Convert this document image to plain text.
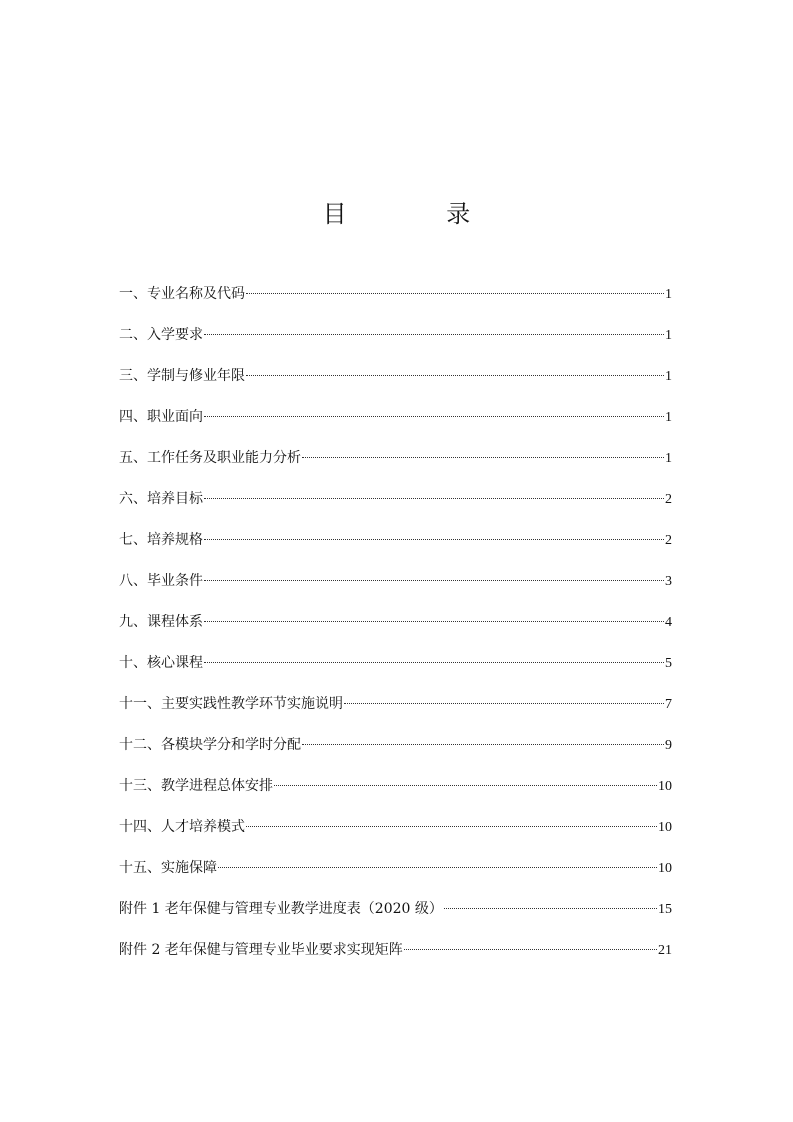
目 录
一、专业名称及代码	1
二、入学要求	1
三、学制与修业年限	1
四、职业面向	1
五、工作任务及职业能力分析	1
六、培养目标	2
七、培养规格	2
八、毕业条件	3
九、课程体系	4
十、核心课程	5
十一、主要实践性教学环节实施说明	7
十二、各模块学分和学时分配	9
十三、教学进程总体安排	10
十四、人才培养模式	10
十五、实施保障	10
附件 1 老年保健与管理专业教学进度表（2020 级）	15
附件 2 老年保健与管理专业毕业要求实现矩阵	21
